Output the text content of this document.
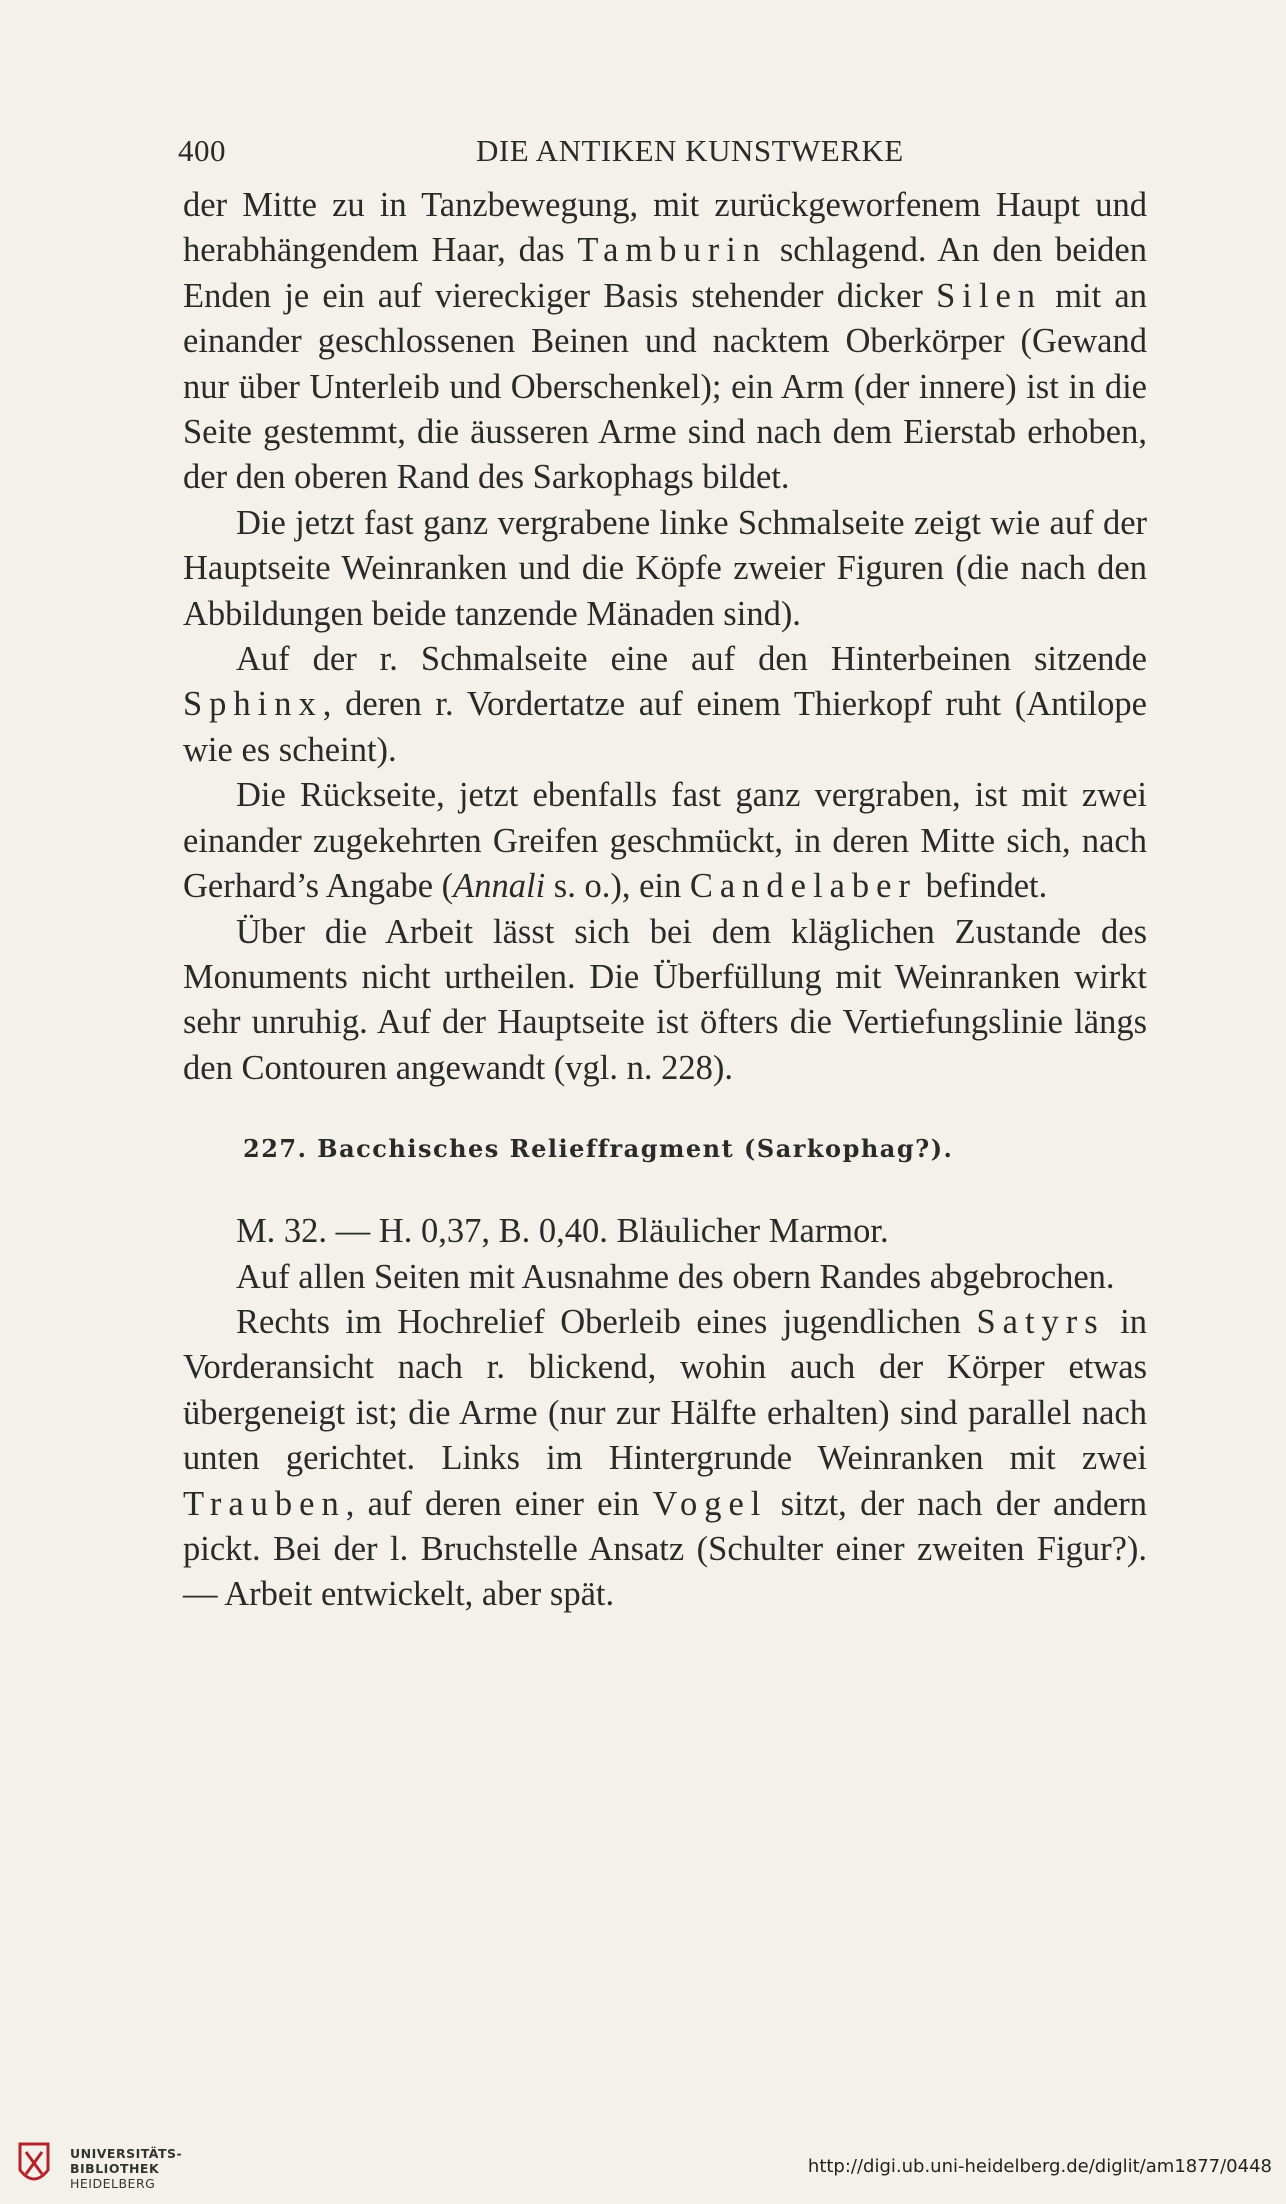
400	DIE ANTIKEN KUNSTWERKE

der Mitte zu in Tanzbewegung, mit zurückgeworfenem Haupt und herabhängendem Haar, das Tamburin schlagend. An den beiden Enden je ein auf viereckiger Basis stehender dicker Silen mit an einander geschlossenen Beinen und nacktem Oberkörper (Gewand nur über Unterleib und Oberschenkel); ein Arm (der innere) ist in die Seite gestemmt, die äusseren Arme sind nach dem Eierstab erhoben, der den oberen Rand des Sarkophags bildet.

Die jetzt fast ganz vergrabene linke Schmalseite zeigt wie auf der Hauptseite Weinranken und die Köpfe zweier Figuren (die nach den Abbildungen beide tanzende Mänaden sind).

Auf der r. Schmalseite eine auf den Hinterbeinen sitzende Sphinx, deren r. Vordertatze auf einem Thierkopf ruht (Antilope wie es scheint).

Die Rückseite, jetzt ebenfalls fast ganz vergraben, ist mit zwei einander zugekehrten Greifen geschmückt, in deren Mitte sich, nach Gerhard’s Angabe (Annali s. o.), ein Candelaber befindet.

Über die Arbeit lässt sich bei dem kläglichen Zustande des Monuments nicht urtheilen. Die Überfüllung mit Weinranken wirkt sehr unruhig. Auf der Hauptseite ist öfters die Vertiefungslinie längs den Contouren angewandt (vgl. n. 228).

227. Bacchisches Relieffragment (Sarkophag?).

M. 32. — H. 0,37, B. 0,40. Bläulicher Marmor.

Auf allen Seiten mit Ausnahme des obern Randes abgebrochen.

Rechts im Hochrelief Oberleib eines jugendlichen Satyrs in Vorderansicht nach r. blickend, wohin auch der Körper etwas übergeneigt ist; die Arme (nur zur Hälfte erhalten) sind parallel nach unten gerichtet. Links im Hintergrunde Weinranken mit zwei Trauben, auf deren einer ein Vogel sitzt, der nach der andern pickt. Bei der l. Bruchstelle Ansatz (Schulter einer zweiten Figur?). — Arbeit entwickelt, aber spät.

UNIVERSITÄTS-
BIBLIOTHEK
HEIDELBERG
http://digi.ub.uni-heidelberg.de/diglit/am1877/0448
